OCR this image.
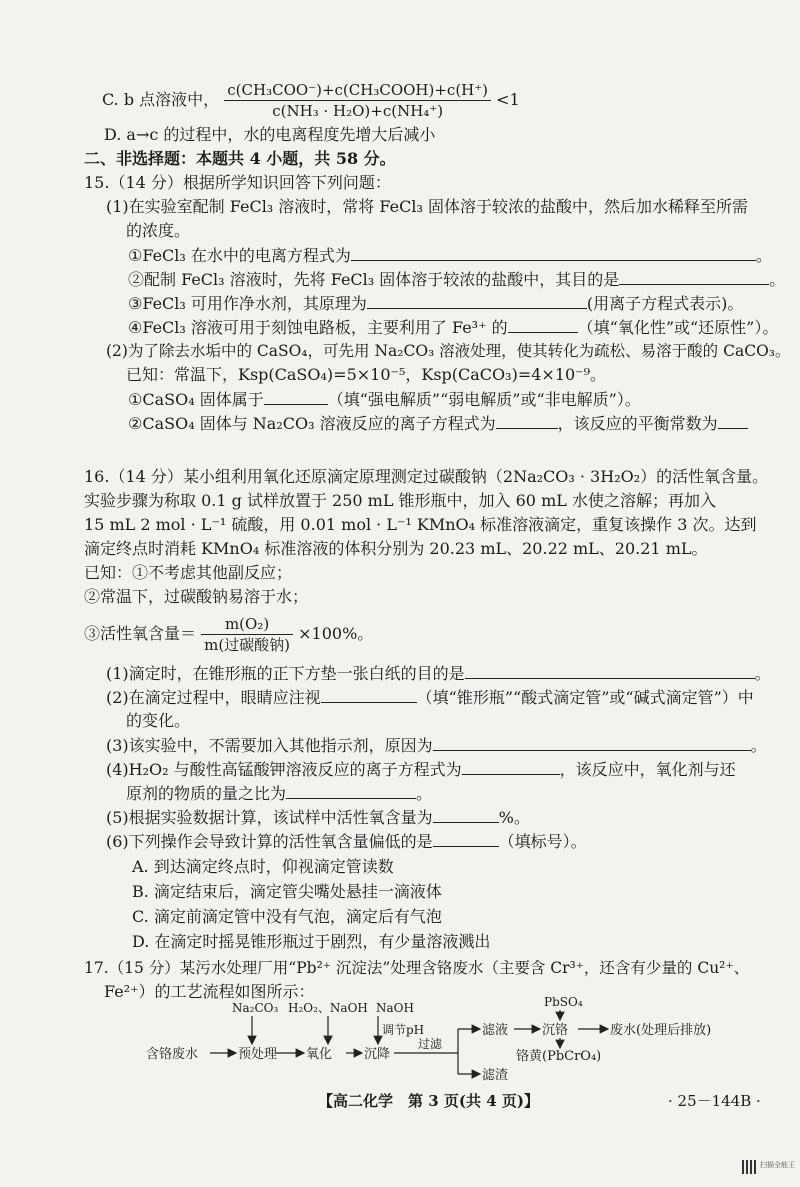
C. b 点溶液中， $\frac{\text{c(CH₃COO⁻)+c(CH₃COOH)+c(H⁺)}}{\text{c(NH₃ · H₂O)+c(NH₄⁺)}} <1$
D. a→c 的过程中，水的电离程度先增大后减小
二、非选择题：本题共 4 小题，共 58 分。
15.（14 分）根据所学知识回答下列问题：
(1)在实验室配制 FeCl₃ 溶液时，常将 FeCl₃ 固体溶于较浓的盐酸中，然后加水稀释至所需
的浓度。
①FeCl₃ 在水中的电离方程式为	。
②配制 FeCl₃ 溶液时，先将 FeCl₃ 固体溶于较浓的盐酸中，其目的是	。
③FeCl₃ 可用作净水剂，其原理为	(用离子方程式表示)。
④FeCl₃ 溶液可用于刻蚀电路板，主要利用了 Fe³⁺ 的	（填“氧化性”或“还原性”）。
(2)为了除去水垢中的 CaSO₄，可先用 Na₂CO₃ 溶液处理，使其转化为疏松、易溶于酸的 CaCO₃。
已知：常温下，Ksp(CaSO₄)=5×10⁻⁵，Ksp(CaCO₃)=4×10⁻⁹。
①CaSO₄ 固体属于	（填“强电解质”“弱电解质”或“非电解质”）。
②CaSO₄ 固体与 Na₂CO₃ 溶液反应的离子方程式为	，该反应的平衡常数为
16.（14 分）某小组利用氧化还原滴定原理测定过碳酸钠（2Na₂CO₃ · 3H₂O₂）的活性氧含量。
实验步骤为称取 0.1 g 试样放置于 250 mL 锥形瓶中，加入 60 mL 水使之溶解；再加入
15 mL 2 mol · L⁻¹ 硫酸，用 0.01 mol · L⁻¹ KMnO₄ 标准溶液滴定，重复该操作 3 次。达到
滴定终点时消耗 KMnO₄ 标准溶液的体积分别为 20.23 mL、20.22 mL、20.21 mL。
已知：①不考虑其他副反应；
②常温下，过碳酸钠易溶于水；
③活性氧含量＝ $\frac{\text{m(O₂)}}{\text{m(过碳酸钠)}} \times 100\%$。
(1)滴定时，在锥形瓶的正下方垫一张白纸的目的是	。
(2)在滴定过程中，眼睛应注视	（填“锥形瓶”“酸式滴定管”或“碱式滴定管”）中
的变化。
(3)该实验中，不需要加入其他指示剂，原因为	。
(4)H₂O₂ 与酸性高锰酸钾溶液反应的离子方程式为	，该反应中，氧化剂与还
原剂的物质的量之比为	。
(5)根据实验数据计算，该试样中活性氧含量为	%。
(6)下列操作会导致计算的活性氧含量偏低的是	（填标号）。
A. 到达滴定终点时，仰视滴定管读数
B. 滴定结束后，滴定管尖嘴处悬挂一滴液体
C. 滴定前滴定管中没有气泡，滴定后有气泡
D. 在滴定时摇晃锥形瓶过于剧烈，有少量溶液溅出
17.（15 分）某污水处理厂用“Pb²⁺ 沉淀法”处理含铬废水（主要含 Cr³⁺，还含有少量的 Cu²⁺、
Fe²⁺）的工艺流程如图所示：
Na₂CO₃ H₂O₂、NaOH NaOH
调节pH
PbSO₄
含铬废水	预处理 氧化 沉降
过滤
滤液
滤渣
沉铬	废水(处理后排放)
铬黄(PbCrO₄)
【高二化学　第 3 页(共 4 页)】	· 25－144B ·
扫描全能王
